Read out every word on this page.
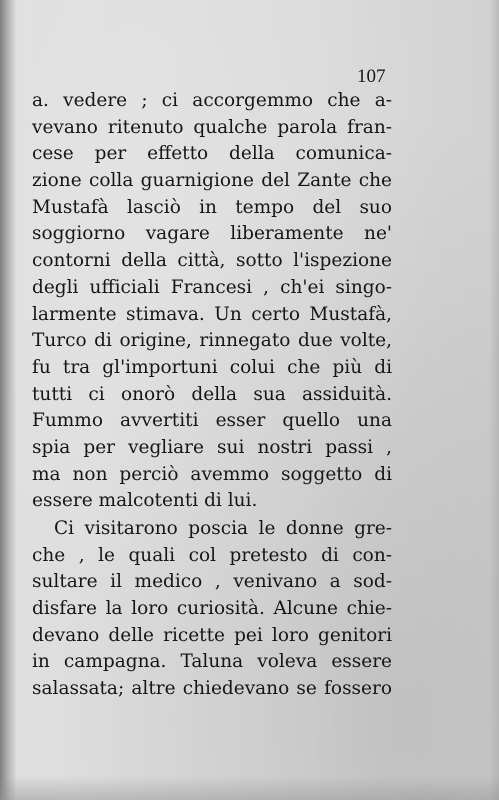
107
a. vedere ; ci accorgemmo che a-
vevano ritenuto qualche parola fran-
cese per effetto della comunica-
zione colla guarnigione del Zante che
Mustafà lasciò in tempo del suo
soggiorno vagare liberamente ne'
contorni della città, sotto l'ispezione
degli ufficiali Francesi , ch'ei singo-
larmente stimava. Un certo Mustafà,
Turco di origine, rinnegato due volte,
fu tra gl'importuni colui che più di
tutti ci onorò della sua assiduità.
Fummo avvertiti esser quello una
spia per vegliare sui nostri passi ,
ma non perciò avemmo soggetto di
essere malcotenti di lui.
Ci visitarono poscia le donne gre-
che , le quali col pretesto di con-
sultare il medico , venivano a sod-
disfare la loro curiosità. Alcune chie-
devano delle ricette pei loro genitori
in campagna. Taluna voleva essere
salassata; altre chiedevano se fossero
